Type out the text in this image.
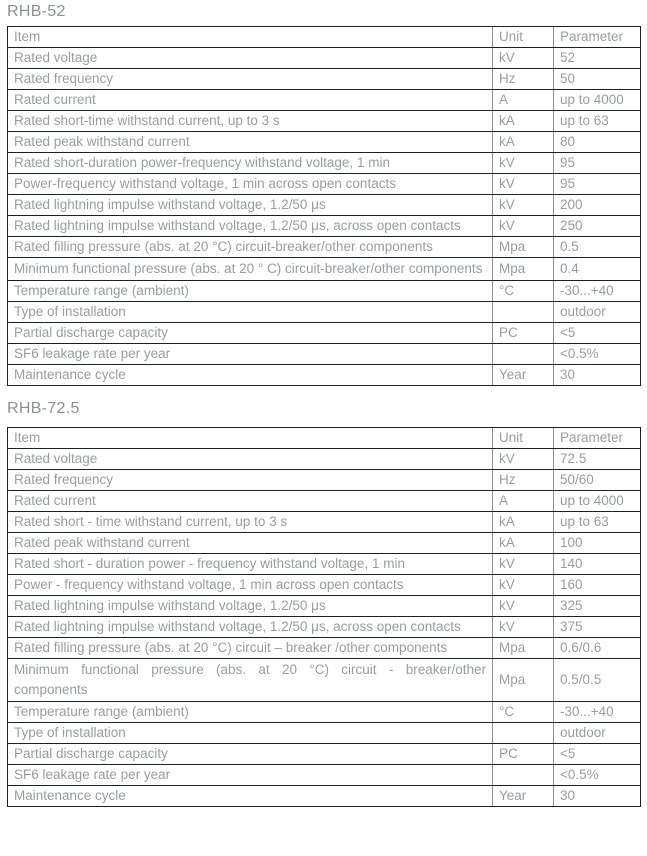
RHB-52
Item	Unit	Parameter
Rated voltage	kV	52
Rated frequency	Hz	50
Rated current	A	up to 4000
Rated short-time withstand current, up to 3 s	kA	up to 63
Rated peak withstand current	kA	80
Rated short-duration power-frequency withstand voltage, 1 min	kV	95
Power-frequency withstand voltage, 1 min across open contacts	kV	95
Rated lightning impulse withstand voltage, 1.2/50 μs	kV	200
Rated lightning impulse withstand voltage, 1.2/50 μs, across open contacts	kV	250
Rated filling pressure (abs. at 20 °C) circuit-breaker/other components	Mpa	0.5
Minimum functional pressure (abs. at 20 ° C) circuit-breaker/other components	Mpa	0.4
Temperature range (ambient)	°C	-30...+40
Type of installation		outdoor
Partial discharge capacity	PC	<5
SF6 leakage rate per year		<0.5%
Maintenance cycle	Year	30
RHB-72.5
Item	Unit	Parameter
Rated voltage	kV	72.5
Rated frequency	Hz	50/60
Rated current	A	up to 4000
Rated short - time withstand current, up to 3 s	kA	up to 63
Rated peak withstand current	kA	100
Rated short - duration power - frequency withstand voltage, 1 min	kV	140
Power - frequency withstand voltage, 1 min across open contacts	kV	160
Rated lightning impulse withstand voltage, 1.2/50 μs	kV	325
Rated lightning impulse withstand voltage, 1.2/50 μs, across open contacts	kV	375
Rated filling pressure (abs. at 20 °C) circuit – breaker /other components	Mpa	0.6/0.6
Minimum functional pressure (abs. at 20 °C) circuit - breaker/other components	Mpa	0.5/0.5
Temperature range (ambient)	°C	-30...+40
Type of installation		outdoor
Partial discharge capacity	PC	<5
SF6 leakage rate per year		<0.5%
Maintenance cycle	Year	30
